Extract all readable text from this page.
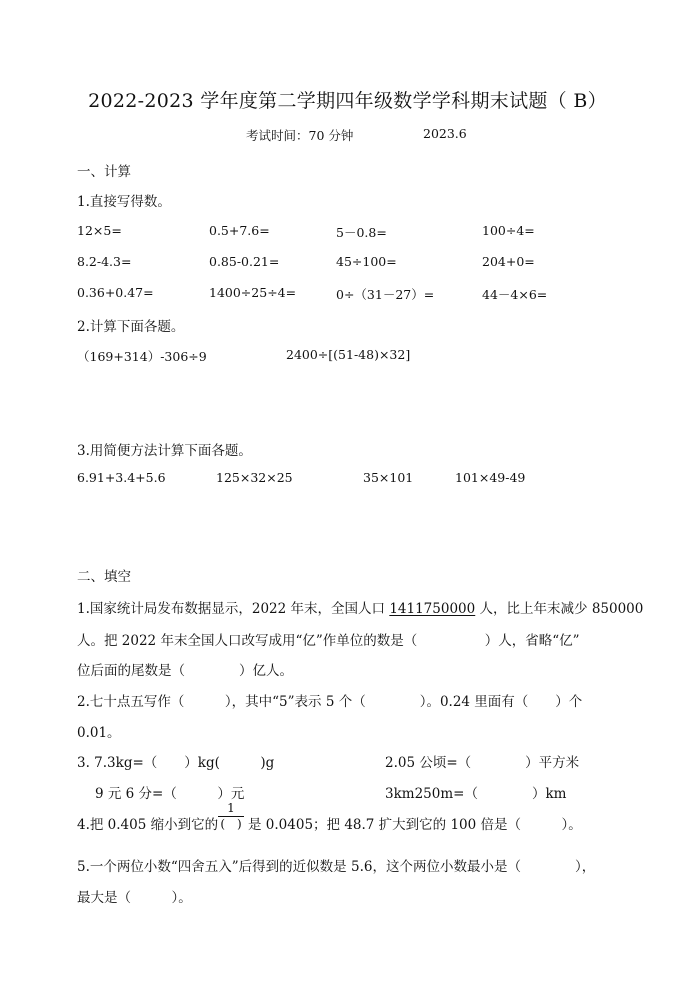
2022-2023 学年度第二学期四年级数学学科期末试题（ B）
考试时间：70 分钟	2023.6
一、计算
1.直接写得数。
12×5=	0.5+7.6=	5－0.8=	100÷4=
8.2-4.3=	0.85-0.21=	45÷100=	204+0=
0.36+0.47=	1400÷25÷4=	0÷（31－27）=	44－4×6=
2.计算下面各题。
（169+314）-306÷9	2400÷[(51-48)×32]
3.用简便方法计算下面各题。
6.91+3.4+5.6	125×32×25	35×101	101×49-49
二、填空
1.国家统计局发布数据显示，2022 年末，全国人口 1411750000 人，比上年末减少 850000
人。把 2022 年末全国人口改写成用“亿”作单位的数是（　　　　　）人，省略“亿”
位后面的尾数是（　　　　）亿人。
2.七十点五写作（　　　），其中“5”表示 5 个（　　　　）。0.24 里面有（　　）个
0.01。
3. 7.3kg=（　　）kg(　　　)g	2.05 公顷=（　　　　）平方米
9 元 6 分=（　　　）元	3km250m=（　　　　）km
4.把 0.405 缩小到它的
1
(　) 是 0.0405；把 48.7 扩大到它的 100 倍是（　　　）。
5.一个两位小数“四舍五入”后得到的近似数是 5.6，这个两位小数最小是（　　　　），
最大是（　　　）。
